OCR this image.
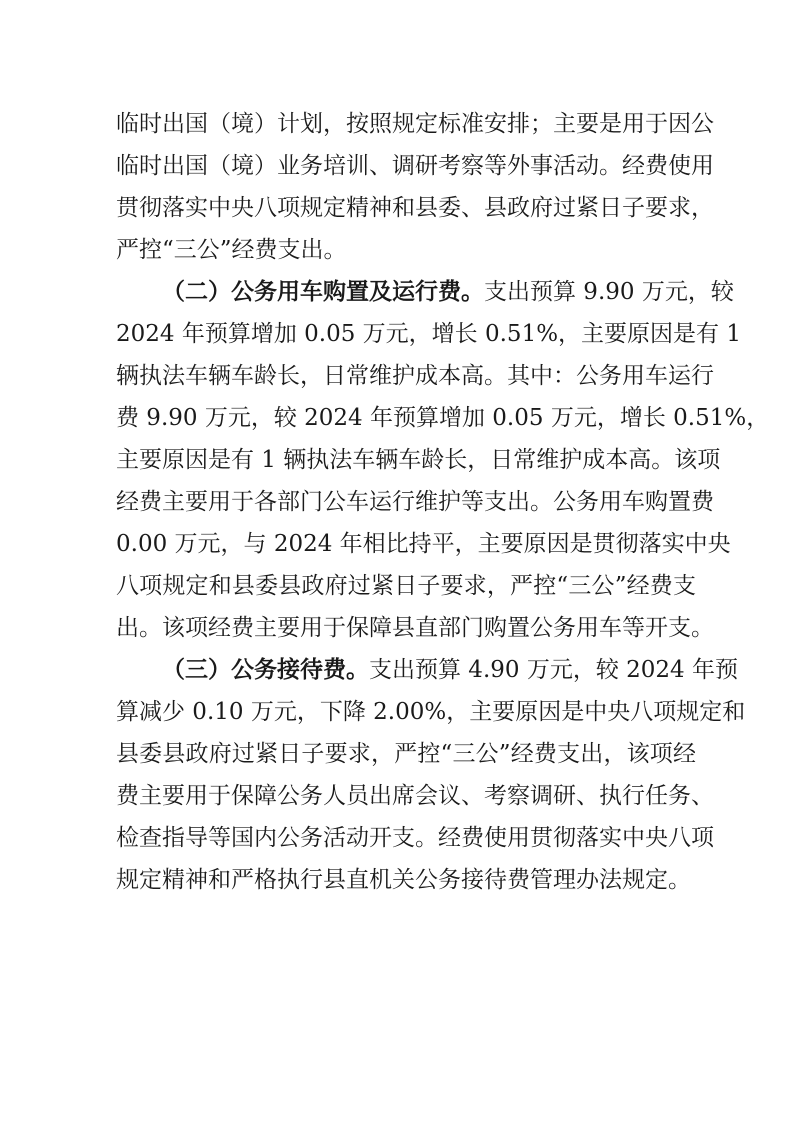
临时出国（境）计划，按照规定标准安排；主要是用于因公
临时出国（境）业务培训、调研考察等外事活动。经费使用
贯彻落实中央八项规定精神和县委、县政府过紧日子要求，
严控“三公”经费支出。
（二）公务用车购置及运行费。支出预算 9.90 万元，较
2024 年预算增加 0.05 万元，增长 0.51%，主要原因是有 1
辆执法车辆车龄长，日常维护成本高。其中：公务用车运行
费 9.90 万元，较 2024 年预算增加 0.05 万元，增长 0.51%，
主要原因是有 1 辆执法车辆车龄长，日常维护成本高。该项
经费主要用于各部门公车运行维护等支出。公务用车购置费
0.00 万元，与 2024 年相比持平，主要原因是贯彻落实中央
八项规定和县委县政府过紧日子要求，严控“三公”经费支
出。该项经费主要用于保障县直部门购置公务用车等开支。
（三）公务接待费。支出预算 4.90 万元，较 2024 年预
算减少 0.10 万元，下降 2.00%，主要原因是中央八项规定和
县委县政府过紧日子要求，严控“三公”经费支出，该项经
费主要用于保障公务人员出席会议、考察调研、执行任务、
检查指导等国内公务活动开支。经费使用贯彻落实中央八项
规定精神和严格执行县直机关公务接待费管理办法规定。
